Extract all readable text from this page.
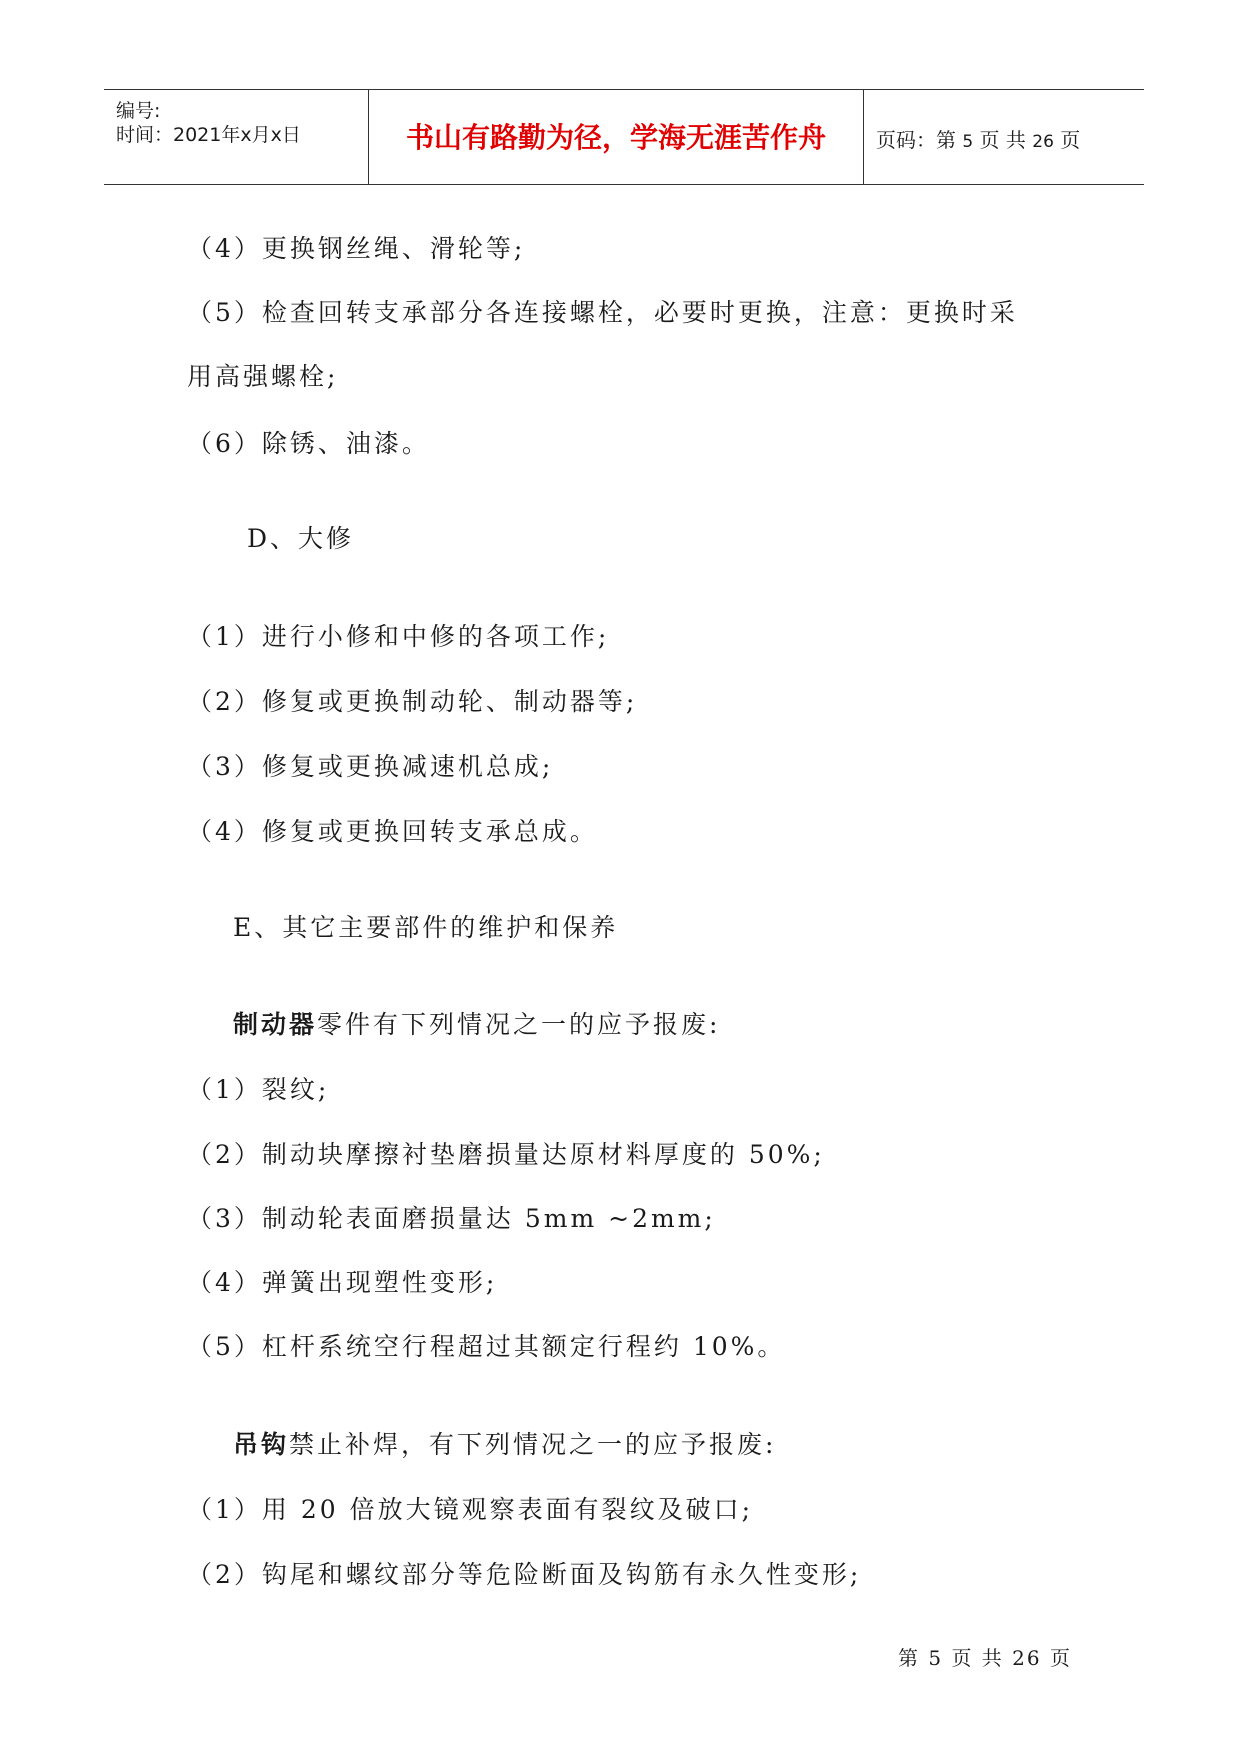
编号:
时间：2021年x月x日	书山有路勤为径，学海无涯苦作舟	页码：第 5 页 共 26 页
（4）更换钢丝绳、滑轮等;
（5）检查回转支承部分各连接螺栓，必要时更换，注意：更换时采
用高强螺栓;
（6）除锈、油漆。
D、大修
（1）进行小修和中修的各项工作;
（2）修复或更换制动轮、制动器等;
（3）修复或更换减速机总成;
（4）修复或更换回转支承总成。
E、其它主要部件的维护和保养
制动器零件有下列情况之一的应予报废:
（1）裂纹;
（2）制动块摩擦衬垫磨损量达原材料厚度的 50%;
（3）制动轮表面磨损量达 5mm ~2mm;
（4）弹簧出现塑性变形;
（5）杠杆系统空行程超过其额定行程约 10%。
吊钩禁止补焊，有下列情况之一的应予报废:
（1）用 20 倍放大镜观察表面有裂纹及破口;
（2）钩尾和螺纹部分等危险断面及钩筋有永久性变形;
第 5 页 共 26 页
